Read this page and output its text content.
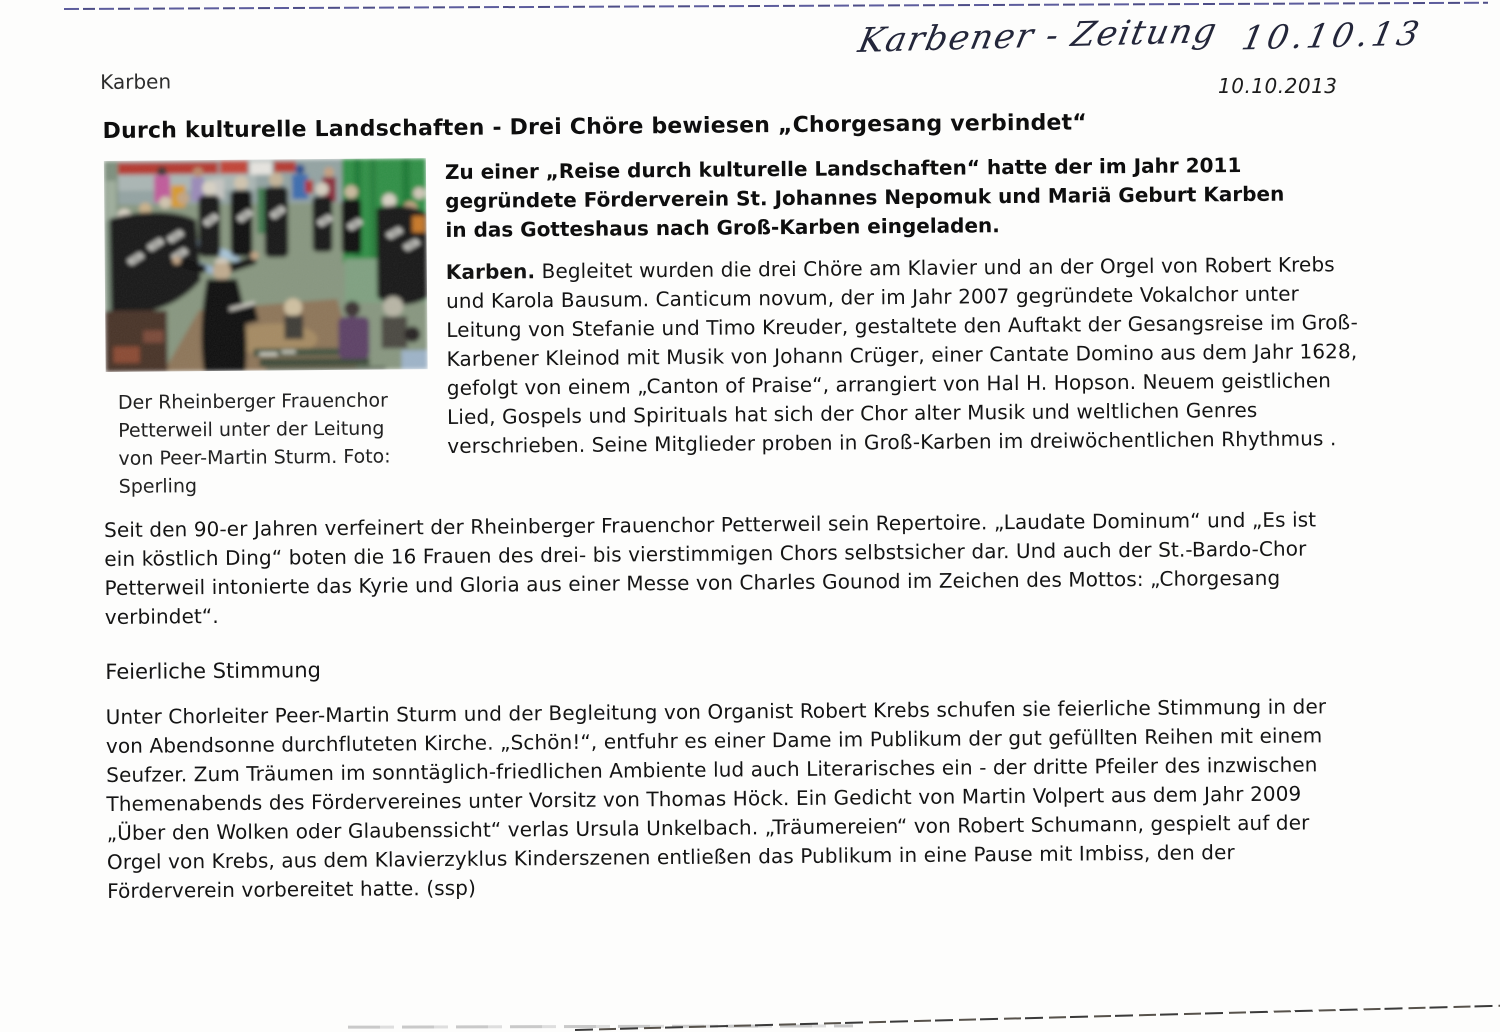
Karbener - Zeitung 10.10.13
10.10.2013
Karben
Durch kulturelle Landschaften - Drei Chöre bewiesen „Chorgesang verbindet“
Der Rheinberger Frauenchor Petterweil unter der Leitung von Peer-Martin Sturm. Foto: Sperling

Zu einer „Reise durch kulturelle Landschaften“ hatte der im Jahr 2011 gegründete Förderverein St. Johannes Nepomuk und Mariä Geburt Karben in das Gotteshaus nach Groß-Karben eingeladen.

Karben. Begleitet wurden die drei Chöre am Klavier und an der Orgel von Robert Krebs und Karola Bausum. Canticum novum, der im Jahr 2007 gegründete Vokalchor unter Leitung von Stefanie und Timo Kreuder, gestaltete den Auftakt der Gesangsreise im Groß-Karbener Kleinod mit Musik von Johann Crüger, einer Cantate Domino aus dem Jahr 1628, gefolgt von einem „Canton of Praise“, arrangiert von Hal H. Hopson. Neuem geistlichen Lied, Gospels und Spirituals hat sich der Chor alter Musik und weltlichen Genres verschrieben. Seine Mitglieder proben in Groß-Karben im dreiwöchentlichen Rhythmus .

Seit den 90-er Jahren verfeinert der Rheinberger Frauenchor Petterweil sein Repertoire. „Laudate Dominum“ und „Es ist ein köstlich Ding“ boten die 16 Frauen des drei- bis vierstimmigen Chors selbstsicher dar. Und auch der St.-Bardo-Chor Petterweil intonierte das Kyrie und Gloria aus einer Messe von Charles Gounod im Zeichen des Mottos: „Chorgesang verbindet“.

Feierliche Stimmung

Unter Chorleiter Peer-Martin Sturm und der Begleitung von Organist Robert Krebs schufen sie feierliche Stimmung in der von Abendsonne durchfluteten Kirche. „Schön!“, entfuhr es einer Dame im Publikum der gut gefüllten Reihen mit einem Seufzer. Zum Träumen im sonntäglich-friedlichen Ambiente lud auch Literarisches ein - der dritte Pfeiler des inzwischen Themenabends des Fördervereines unter Vorsitz von Thomas Höck. Ein Gedicht von Martin Volpert aus dem Jahr 2009 „Über den Wolken oder Glaubenssicht“ verlas Ursula Unkelbach. „Träumereien“ von Robert Schumann, gespielt auf der Orgel von Krebs, aus dem Klavierzyklus Kinderszenen entließen das Publikum in eine Pause mit Imbiss, den der Förderverein vorbereitet hatte. (ssp)
